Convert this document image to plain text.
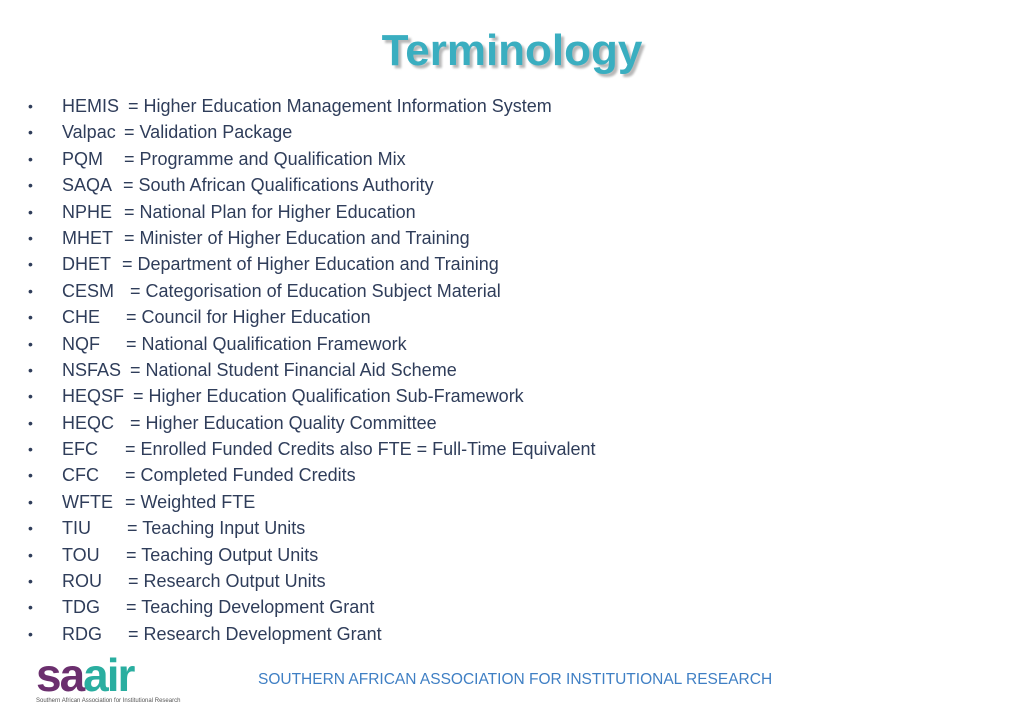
Terminology
• HEMIS = Higher Education Management Information System
• Valpac = Validation Package
• PQM = Programme and Qualification Mix
• SAQA = South African Qualifications Authority
• NPHE = National Plan for Higher Education
• MHET = Minister of Higher Education and Training
• DHET = Department of Higher Education and Training
• CESM = Categorisation of Education Subject Material
• CHE = Council for Higher Education
• NQF = National Qualification Framework
• NSFAS = National Student Financial Aid Scheme
• HEQSF = Higher Education Qualification Sub-Framework
• HEQC = Higher Education Quality Committee
• EFC = Enrolled Funded Credits also FTE = Full-Time Equivalent
• CFC = Completed Funded Credits
• WFTE = Weighted FTE
• TIU = Teaching Input Units
• TOU = Teaching Output Units
• ROU = Research Output Units
• TDG = Teaching Development Grant
• RDG = Research Development Grant
saair
Southern African Association for Institutional Research
SOUTHERN AFRICAN ASSOCIATION FOR INSTITUTIONAL RESEARCH
